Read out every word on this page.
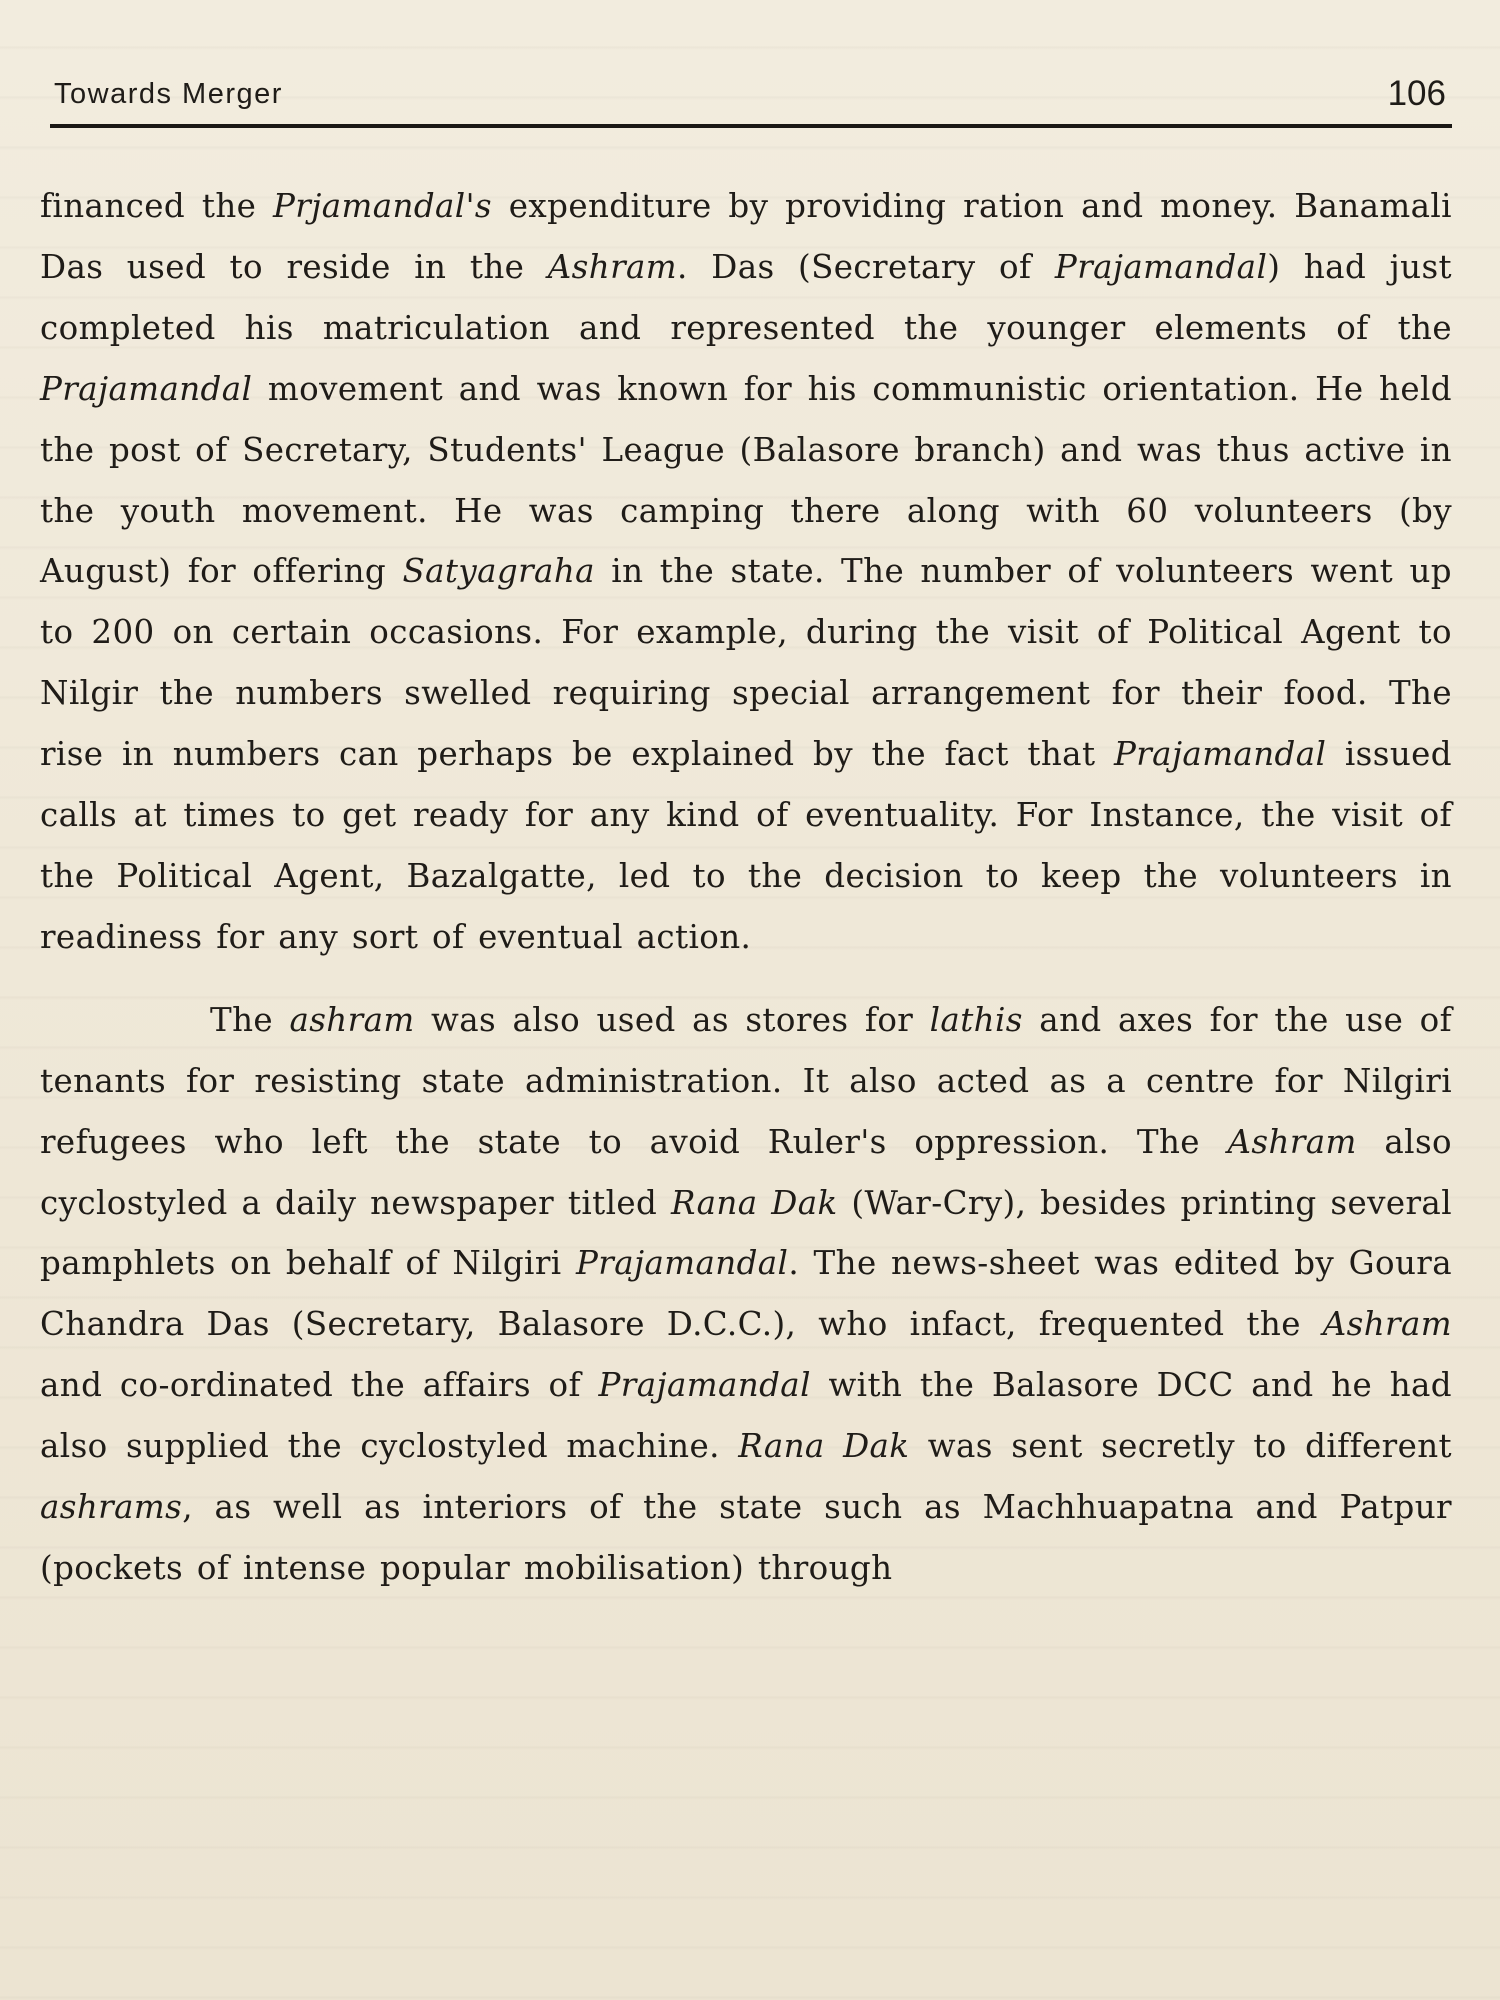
Towards Merger	106

financed the Prjamandal's expenditure by providing ration and money. Banamali Das used to reside in the Ashram. Das (Secretary of Prajamandal) had just completed his matriculation and represented the younger elements of the Prajamandal movement and was known for his communistic orientation. He held the post of Secretary, Students' League (Balasore branch) and was thus active in the youth movement. He was camping there along with 60 volunteers (by August) for offering Satyagraha in the state. The number of volunteers went up to 200 on certain occasions. For example, during the visit of Political Agent to Nilgir the numbers swelled requiring special arrangement for their food. The rise in numbers can perhaps be explained by the fact that Prajamandal issued calls at times to get ready for any kind of eventuality. For Instance, the visit of the Political Agent, Bazalgatte, led to the decision to keep the volunteers in readiness for any sort of eventual action.

The ashram was also used as stores for lathis and axes for the use of tenants for resisting state administration. It also acted as a centre for Nilgiri refugees who left the state to avoid Ruler's oppression. The Ashram also cyclostyled a daily newspaper titled Rana Dak (War-Cry), besides printing several pamphlets on behalf of Nilgiri Prajamandal. The news-sheet was edited by Goura Chandra Das (Secretary, Balasore D.C.C.), who infact, frequented the Ashram and co-ordinated the affairs of Prajamandal with the Balasore DCC and he had also supplied the cyclostyled machine. Rana Dak was sent secretly to different ashrams, as well as interiors of the state such as Machhuapatna and Patpur (pockets of intense popular mobilisation) through
